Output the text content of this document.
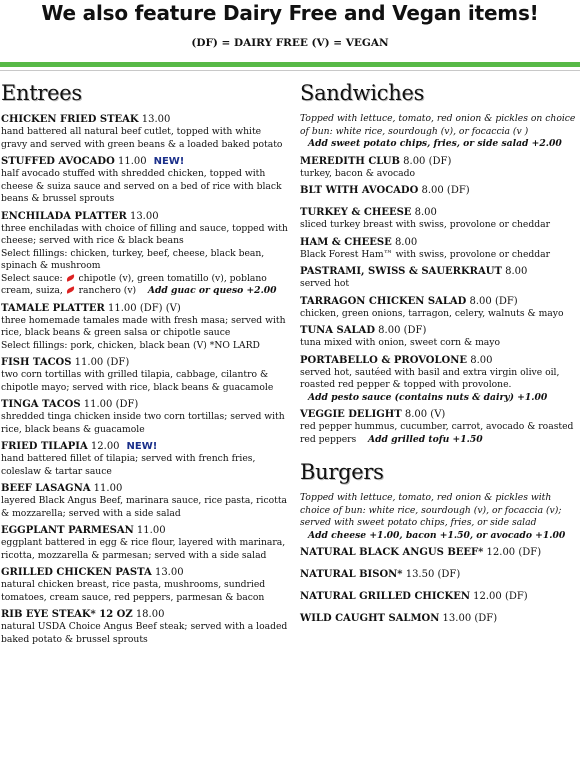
We also feature Dairy Free and Vegan items!
(DF) = DAIRY FREE (V) = VEGAN
Entrees
CHICKEN FRIED STEAK 13.00
hand battered all natural beef cutlet, topped with white gravy and served with green beans & a loaded baked potato
STUFFED AVOCADO 11.00 NEW!
half avocado stuffed with shredded chicken, topped with cheese & suiza sauce and served on a bed of rice with black beans & brussel sprouts
ENCHILADA PLATTER 13.00
three enchiladas with choice of filling and sauce, topped with cheese; served with rice & black beans
Select fillings: chicken, turkey, beef, cheese, black bean, spinach & mushroom
Select sauce:  chipotle (v), green tomatillo (v), poblano cream, suiza,  ranchero (v) Add guac or queso +2.00
TAMALE PLATTER 11.00 (DF) (V)
three homemade tamales made with fresh masa; served with rice, black beans & green salsa or chipotle sauce
Select fillings: pork, chicken, black bean (V) *NO LARD
FISH TACOS 11.00 (DF)
two corn tortillas with grilled tilapia, cabbage, cilantro & chipotle mayo; served with rice, black beans & guacamole
TINGA TACOS 11.00 (DF)
shredded tinga chicken inside two corn tortillas; served with rice, black beans & guacamole
FRIED TILAPIA 12.00 NEW!
hand battered fillet of tilapia; served with french fries, coleslaw & tartar sauce
BEEF LASAGNA 11.00
layered Black Angus Beef, marinara sauce, rice pasta, ricotta & mozzarella; served with a side salad
EGGPLANT PARMESAN 11.00
eggplant battered in egg & rice flour, layered with marinara, ricotta, mozzarella & parmesan; served with a side salad
GRILLED CHICKEN PASTA 13.00
natural chicken breast, rice pasta, mushrooms, sundried tomatoes, cream sauce, red peppers, parmesan & bacon
RIB EYE STEAK* 12 OZ 18.00
natural USDA Choice Angus Beef steak; served with a loaded baked potato & brussel sprouts
Sandwiches
Topped with lettuce, tomato, red onion & pickles on choice of bun: white rice, sourdough (v), or focaccia (v )
Add sweet potato chips, fries, or side salad +2.00
MEREDITH CLUB 8.00 (DF)
turkey, bacon & avocado
BLT WITH AVOCADO 8.00 (DF)
TURKEY & CHEESE 8.00
sliced turkey breast with swiss, provolone or cheddar
HAM & CHEESE 8.00
Black Forest Ham™ with swiss, provolone or cheddar
PASTRAMI, SWISS & SAUERKRAUT 8.00
served hot
TARRAGON CHICKEN SALAD 8.00 (DF)
chicken, green onions, tarragon, celery, walnuts & mayo
TUNA SALAD 8.00 (DF)
tuna mixed with onion, sweet corn & mayo
PORTABELLO & PROVOLONE 8.00
served hot, sautéed with basil and extra virgin olive oil, roasted red pepper & topped with provolone.
Add pesto sauce (contains nuts & dairy) +1.00
VEGGIE DELIGHT 8.00 (V)
red pepper hummus, cucumber, carrot, avocado & roasted red peppers Add grilled tofu +1.50
Burgers
Topped with lettuce, tomato, red onion & pickles with choice of bun: white rice, sourdough (v), or focaccia (v); served with sweet potato chips, fries, or side salad
Add cheese +1.00, bacon +1.50, or avocado +1.00
NATURAL BLACK ANGUS BEEF* 12.00 (DF)
NATURAL BISON* 13.50 (DF)
NATURAL GRILLED CHICKEN 12.00 (DF)
WILD CAUGHT SALMON 13.00 (DF)
